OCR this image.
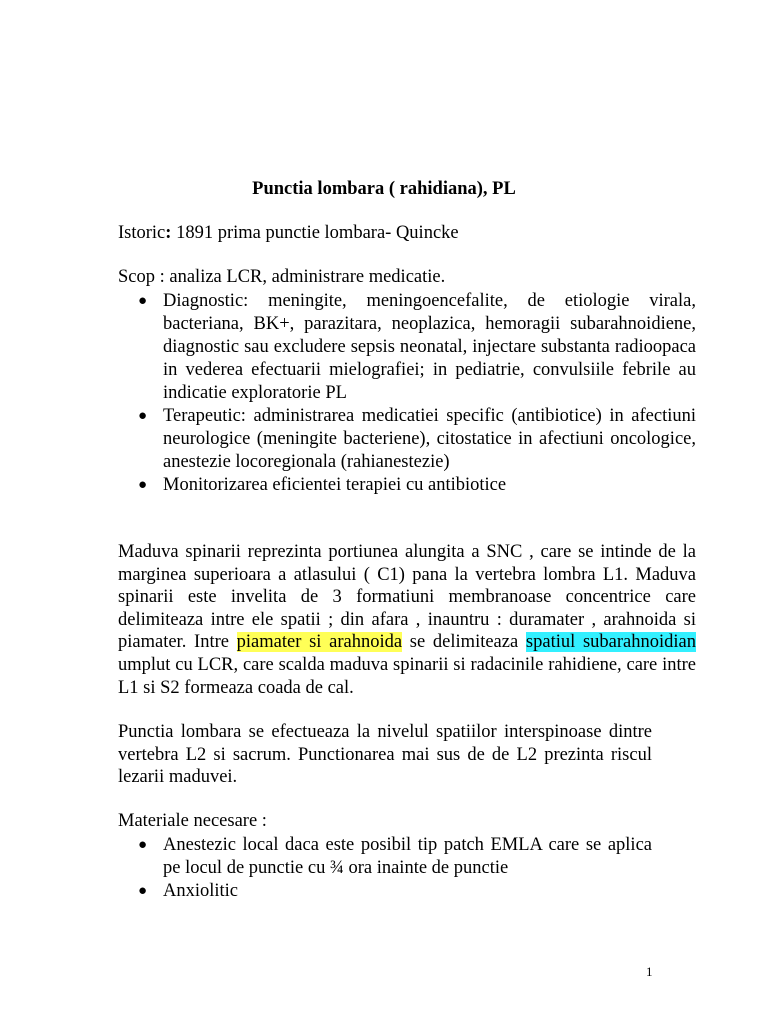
Punctia lombara ( rahidiana), PL
Istoric: 1891 prima punctie lombara- Quincke
Scop : analiza LCR, administrare medicatie.
● Diagnostic: meningite, meningoencefalite, de etiologie virala, bacteriana, BK+, parazitara, neoplazica, hemoragii subarahnoidiene, diagnostic sau excludere sepsis neonatal, injectare substanta radioopaca in vederea efectuarii mielografiei; in pediatrie, convulsiile febrile au indicatie exploratorie PL
● Terapeutic: administrarea medicatiei specific (antibiotice) in afectiuni neurologice (meningite bacteriene), citostatice in afectiuni oncologice, anestezie locoregionala (rahianestezie)
● Monitorizarea eficientei terapiei cu antibiotice
Maduva spinarii reprezinta portiunea alungita a SNC , care se intinde de la marginea superioara a atlasului ( C1) pana la vertebra lombra L1. Maduva spinarii este invelita de 3 formatiuni membranoase concentrice care delimiteaza intre ele spatii ; din afara , inauntru : duramater , arahnoida si piamater. Intre piamater si arahnoida se delimiteaza spatiul subarahnoidian umplut cu LCR, care scalda maduva spinarii si radacinile rahidiene, care intre L1 si S2 formeaza coada de cal.
Punctia lombara se efectueaza la nivelul spatiilor interspinoase dintre vertebra L2 si sacrum. Punctionarea mai sus de de L2 prezinta riscul lezarii maduvei.
Materiale necesare :
● Anestezic local daca este posibil tip patch EMLA care se aplica pe locul de punctie cu ¾ ora inainte de punctie
● Anxiolitic
1
